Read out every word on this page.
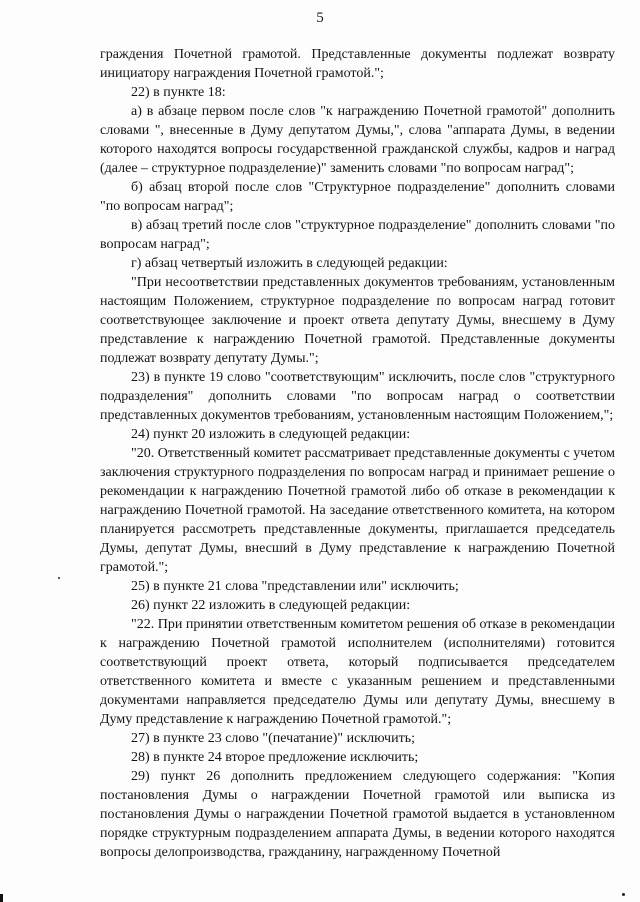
5

граждения Почетной грамотой. Представленные документы подлежат возврату инициатору награждения Почетной грамотой.";

22) в пункте 18:

а) в абзаце первом после слов "к награждению Почетной грамотой" дополнить словами ", внесенные в Думу депутатом Думы,", слова "аппарата Думы, в ведении которого находятся вопросы государственной гражданской службы, кадров и наград (далее – структурное подразделение)" заменить словами "по вопросам наград";

б) абзац второй после слов "Структурное подразделение" дополнить словами "по вопросам наград";

в) абзац третий после слов "структурное подразделение" дополнить словами "по вопросам наград";

г) абзац четвертый изложить в следующей редакции:

"При несоответствии представленных документов требованиям, установленным настоящим Положением, структурное подразделение по вопросам наград готовит соответствующее заключение и проект ответа депутату Думы, внесшему в Думу представление к награждению Почетной грамотой. Представленные документы подлежат возврату депутату Думы.";

23) в пункте 19 слово "соответствующим" исключить, после слов "структурного подразделения" дополнить словами "по вопросам наград о соответствии представленных документов требованиям, установленным настоящим Положением,";

24) пункт 20 изложить в следующей редакции:

"20. Ответственный комитет рассматривает представленные документы с учетом заключения структурного подразделения по вопросам наград и принимает решение о рекомендации к награждению Почетной грамотой либо об отказе в рекомендации к награждению Почетной грамотой. На заседание ответственного комитета, на котором планируется рассмотреть представленные документы, приглашается председатель Думы, депутат Думы, внесший в Думу представление к награждению Почетной грамотой.";

25) в пункте 21 слова "представлении или" исключить;

26) пункт 22 изложить в следующей редакции:

"22. При принятии ответственным комитетом решения об отказе в рекомендации к награждению Почетной грамотой исполнителем (исполнителями) готовится соответствующий проект ответа, который подписывается председателем ответственного комитета и вместе с указанным решением и представленными документами направляется председателю Думы или депутату Думы, внесшему в Думу представление к награждению Почетной грамотой.";

27) в пункте 23 слово "(печатание)" исключить;

28) в пункте 24 второе предложение исключить;

29) пункт 26 дополнить предложением следующего содержания: "Копия постановления Думы о награждении Почетной грамотой или выписка из постановления Думы о награждении Почетной грамотой выдается в установленном порядке структурным подразделением аппарата Думы, в ведении которого находятся вопросы делопроизводства, гражданину, награжденному Почетной
